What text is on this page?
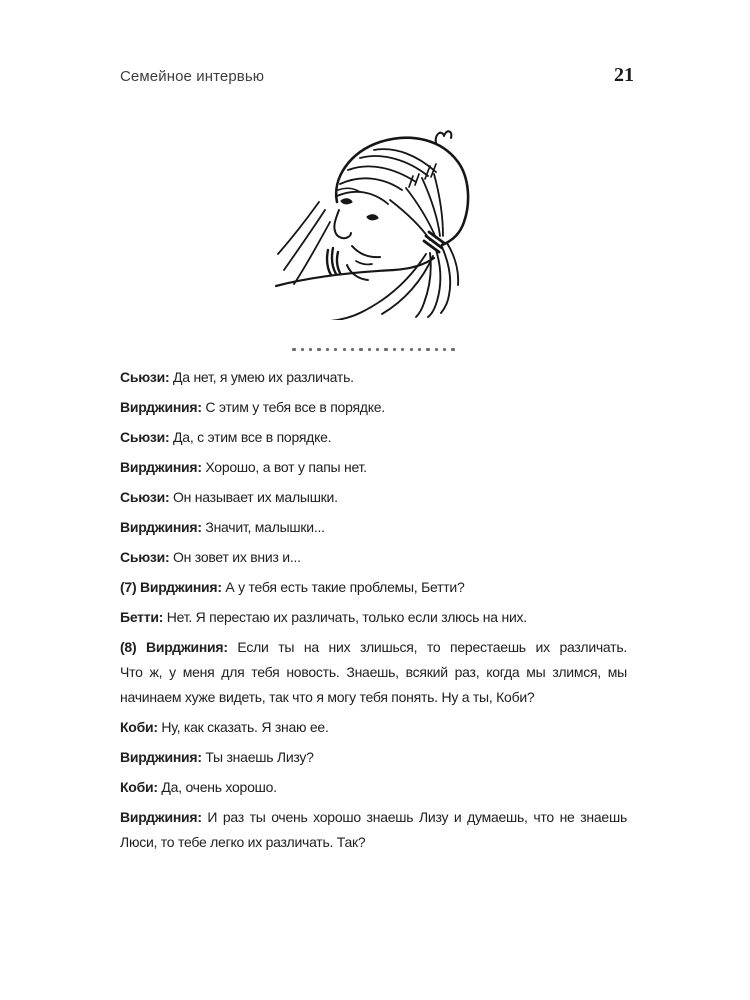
Семейное интервью	21

Сьюзи: Да нет, я умею их различать.

Вирджиния: С этим у тебя все в порядке.

Сьюзи: Да, с этим все в порядке.

Вирджиния: Хорошо, а вот у папы нет.

Сьюзи: Он называет их малышки.

Вирджиния: Значит, малышки...

Сьюзи: Он зовет их вниз и...

(7) Вирджиния: А у тебя есть такие проблемы, Бетти?

Бетти: Нет. Я перестаю их различать, только если злюсь на них.

(8) Вирджиния: Если ты на них злишься, то перестаешь их различать.
Что ж, у меня для тебя новость. Знаешь, всякий раз, когда мы злимся, мы
начинаем хуже видеть, так что я могу тебя понять. Ну а ты, Коби?

Коби: Ну, как сказать. Я знаю ее.

Вирджиния: Ты знаешь Лизу?

Коби: Да, очень хорошо.

Вирджиния: И раз ты очень хорошо знаешь Лизу и думаешь, что не знаешь
Люси, то тебе легко их различать. Так?
